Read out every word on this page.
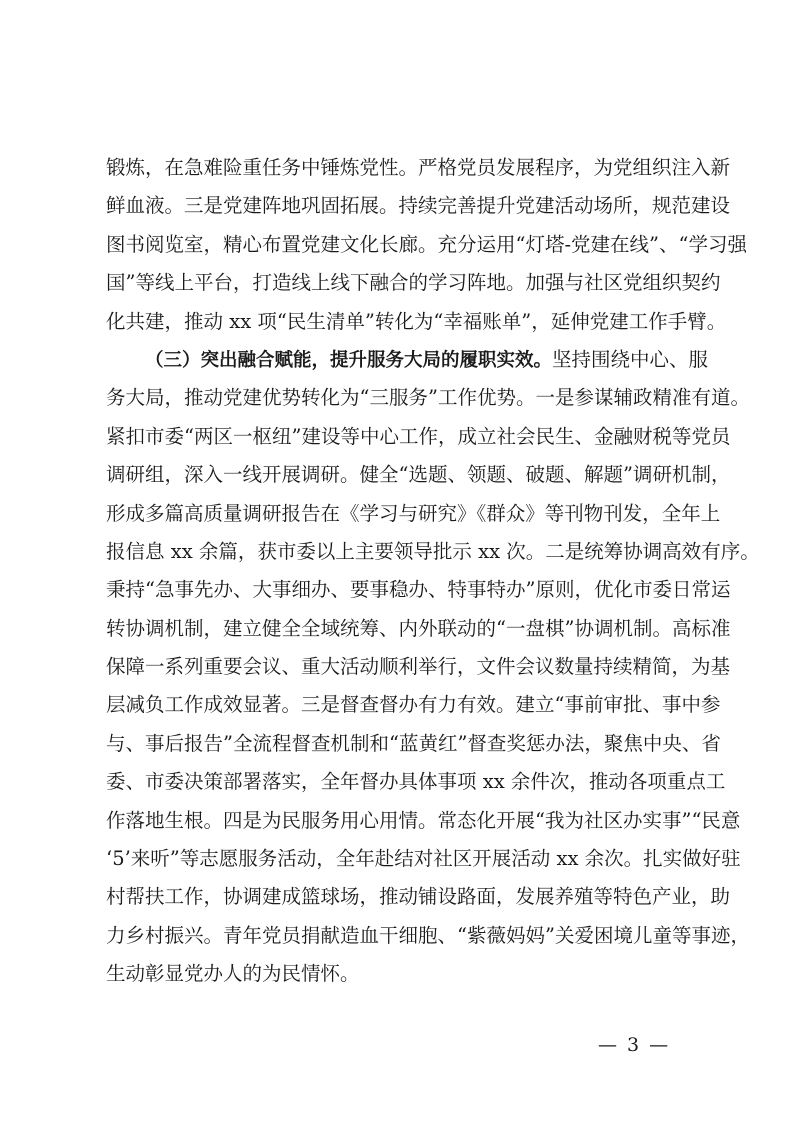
锻炼，在急难险重任务中锤炼党性。严格党员发展程序，为党组织注入新
鲜血液。三是党建阵地巩固拓展。持续完善提升党建活动场所，规范建设
图书阅览室，精心布置党建文化长廊。充分运用“灯塔-党建在线”、“学习强
国”等线上平台，打造线上线下融合的学习阵地。加强与社区党组织契约
化共建，推动 xx 项“民生清单”转化为“幸福账单”，延伸党建工作手臂。
（三）突出融合赋能，提升服务大局的履职实效。坚持围绕中心、服
务大局，推动党建优势转化为“三服务”工作优势。一是参谋辅政精准有道。
紧扣市委“两区一枢纽”建设等中心工作，成立社会民生、金融财税等党员
调研组，深入一线开展调研。健全“选题、领题、破题、解题”调研机制，
形成多篇高质量调研报告在《学习与研究》《群众》等刊物刊发，全年上
报信息 xx 余篇，获市委以上主要领导批示 xx 次。二是统筹协调高效有序。
秉持“急事先办、大事细办、要事稳办、特事特办”原则，优化市委日常运
转协调机制，建立健全全域统筹、内外联动的“一盘棋”协调机制。高标准
保障一系列重要会议、重大活动顺利举行，文件会议数量持续精简，为基
层减负工作成效显著。三是督查督办有力有效。建立“事前审批、事中参
与、事后报告”全流程督查机制和“蓝黄红”督查奖惩办法，聚焦中央、省
委、市委决策部署落实，全年督办具体事项 xx 余件次，推动各项重点工
作落地生根。四是为民服务用心用情。常态化开展“我为社区办实事”“民意
‘5’来听”等志愿服务活动，全年赴结对社区开展活动 xx 余次。扎实做好驻
村帮扶工作，协调建成篮球场，推动铺设路面，发展养殖等特色产业，助
力乡村振兴。青年党员捐献造血干细胞、“紫薇妈妈”关爱困境儿童等事迹，
生动彰显党办人的为民情怀。
— 3 —
